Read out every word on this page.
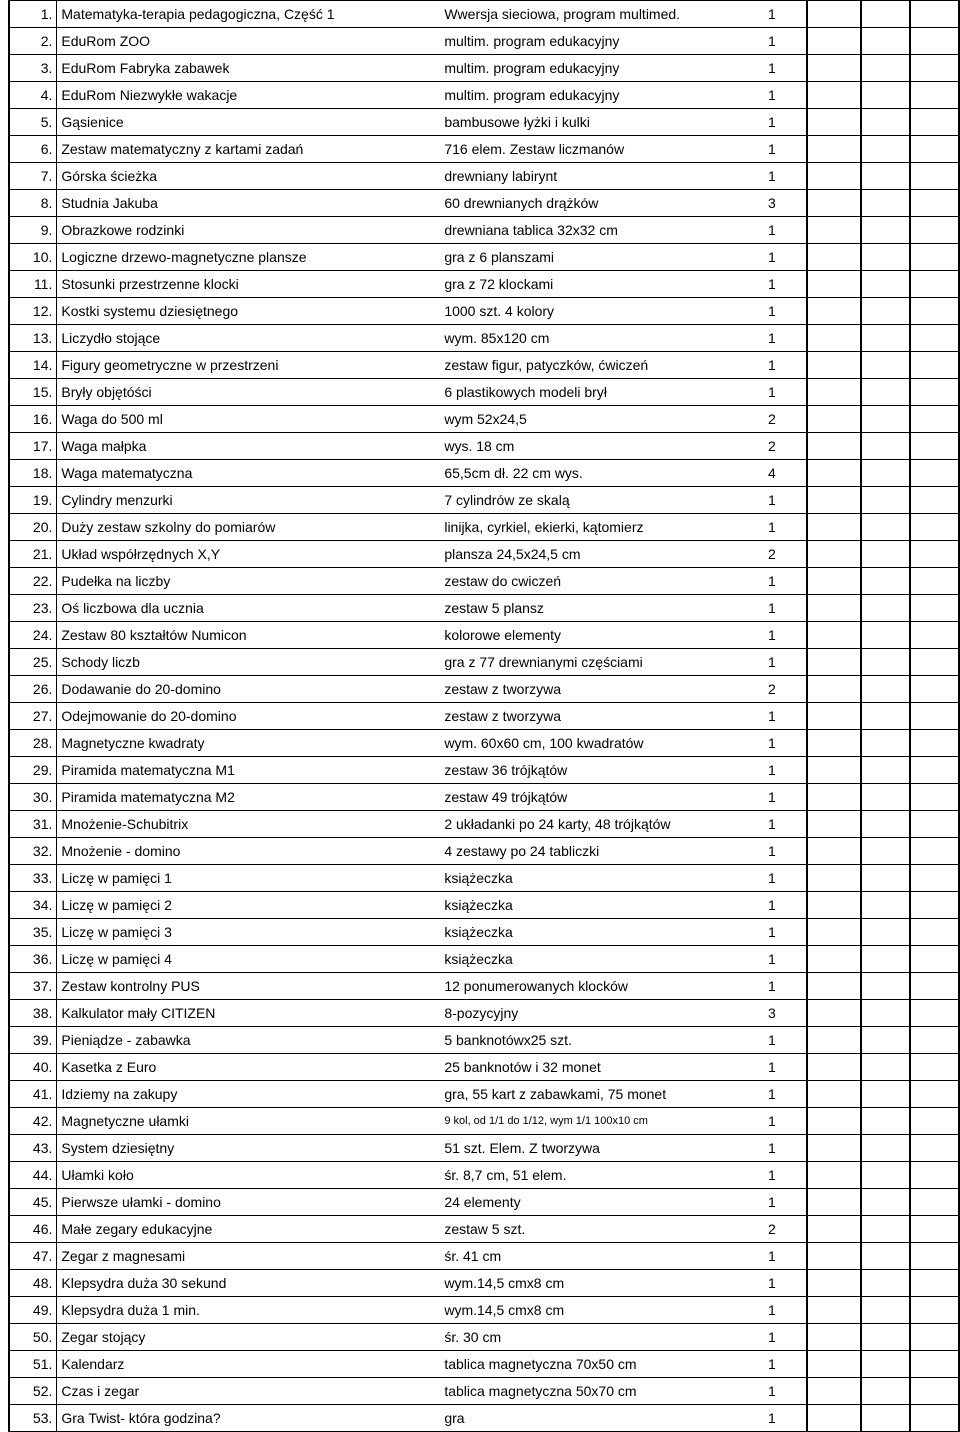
1.	Matematyka-terapia pedagogiczna, Część 1	Wwersja sieciowa, program multimed.	1			
2.	EduRom ZOO	multim. program edukacyjny	1			
3.	EduRom Fabryka zabawek	multim. program edukacyjny	1			
4.	EduRom Niezwykłe wakacje	multim. program edukacyjny	1			
5.	Gąsienice	bambusowe łyżki i kulki	1			
6.	Zestaw matematyczny z kartami zadań	716 elem. Zestaw liczmanów	1			
7.	Górska ścieżka	drewniany labirynt	1			
8.	Studnia Jakuba	60 drewnianych drążków	3			
9.	Obrazkowe rodzinki	drewniana tablica 32x32 cm	1			
10.	Logiczne drzewo-magnetyczne plansze	gra z 6 planszami	1			
11.	Stosunki przestrzenne klocki	gra z 72 klockami	1			
12.	Kostki systemu dziesiętnego	1000 szt. 4 kolory	1			
13.	Liczydło stojące	wym. 85x120 cm	1			
14.	Figury geometryczne w przestrzeni	zestaw figur, patyczków, ćwiczeń	1			
15.	Bryły objętóści	6 plastikowych modeli brył	1			
16.	Waga do 500 ml	wym 52x24,5	2			
17.	Waga małpka	wys. 18 cm	2			
18.	Waga matematyczna	65,5cm dł. 22 cm wys.	4			
19.	Cylindry menzurki	7 cylindrów ze skalą	1			
20.	Duży zestaw szkolny do pomiarów	linijka, cyrkiel, ekierki, kątomierz	1			
21.	Układ współrzędnych X,Y	plansza 24,5x24,5 cm	2			
22.	Pudełka na liczby	zestaw do cwiczeń	1			
23.	Oś liczbowa dla ucznia	zestaw 5 plansz	1			
24.	Zestaw 80 kształtów Numicon	kolorowe elementy	1			
25.	Schody liczb	gra z 77 drewnianymi częściami	1			
26.	Dodawanie do 20-domino	zestaw z tworzywa	2			
27.	Odejmowanie do 20-domino	zestaw z tworzywa	1			
28.	Magnetyczne kwadraty	wym. 60x60 cm, 100 kwadratów	1			
29.	Piramida matematyczna M1	zestaw 36 trójkątów	1			
30.	Piramida matematyczna M2	zestaw 49 trójkątów	1			
31.	Mnożenie-Schubitrix	2 układanki po 24 karty, 48 trójkątów	1			
32.	Mnożenie - domino	4 zestawy po 24 tabliczki	1			
33.	Liczę w pamięci 1	książeczka	1			
34.	Liczę w pamięci 2	książeczka	1			
35.	Liczę w pamięci 3	książeczka	1			
36.	Liczę w pamięci 4	książeczka	1			
37.	Zestaw kontrolny PUS	12 ponumerowanych klocków	1			
38.	Kalkulator mały CITIZEN	8-pozycyjny	3			
39.	Pieniądze - zabawka	5 banknotówx25 szt.	1			
40.	Kasetka z Euro	25 banknotów i 32 monet	1			
41.	Idziemy na zakupy	gra, 55 kart z zabawkami, 75 monet	1			
42.	Magnetyczne ułamki	9 kol, od 1/1 do 1/12, wym 1/1 100x10 cm	1			
43.	System dziesiętny	51 szt. Elem. Z tworzywa	1			
44.	Ułamki koło	śr. 8,7 cm, 51 elem.	1			
45.	Pierwsze ułamki - domino	24 elementy	1			
46.	Małe zegary edukacyjne	zestaw 5 szt.	2			
47.	Zegar z magnesami	śr. 41 cm	1			
48.	Klepsydra duża 30 sekund	wym.14,5 cmx8 cm	1			
49.	Klepsydra duża 1 min.	wym.14,5 cmx8 cm	1			
50.	Zegar stojący	śr. 30 cm	1			
51.	Kalendarz	tablica magnetyczna 70x50 cm	1			
52.	Czas i zegar	tablica magnetyczna 50x70 cm	1			
53.	Gra Twist- która godzina?	gra	1			
